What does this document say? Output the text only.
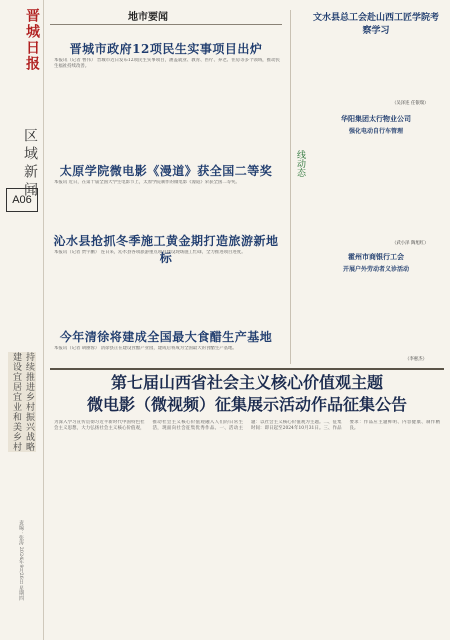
晋城日报
区域新闻
A06
持续推进乡村振兴战略 建设宜居宜业和美乡村
责编：张涛 2024年9月26日 星期四
地市要闻
晋城市政府12项民生实事项目出炉
本报讯（记者 曹伟） 晋城市近日发布12项民生实事项目，涵盖就业、教育、医疗、养老、住房等多个领域，推动民生福祉持续改善。
太原学院微电影《漫道》获全国二等奖
本报讯 近日，在第十届全国大学生电影节上，太原学院制作的微电影《漫道》荣获全国二等奖。
沁水县抢抓冬季施工黄金期打造旅游新地标
本报讯（记者 贾宇鹏） 连日来，沁水县各项旅游重点项目建设现场施工忙碌，全力推进项目进度。
今年清徐将建成全国最大食醋生产基地
本报讯（记者 胡丽蓉） 清徐县正在建设食醋产业园，建成后将成为全国最大的食醋生产基地。
线动态
文水县总工会赴山西工匠学院考察学习
（吴泽连 任银瑞）
华阳集团太行物业公司
强化电动自行车管理
（武小泽 陶旭红）
霍州市商银行工会
开展户外劳动者义诊活动
（李惠杰）
第七届山西省社会主义核心价值观主题
微电影（微视频）征集展示活动作品征集公告
为深入学习宣传贯彻习近平新时代中国特色社会主义思想，大力弘扬社会主义核心价值观，推动社会主义核心价值观融入人们的日常生活，现面向社会征集优秀作品。一、活动主题：以社会主义核心价值观为主题。二、征集时间：即日起至2024年10月31日。三、作品要求：作品应主题鲜明、内容健康、制作精良。
